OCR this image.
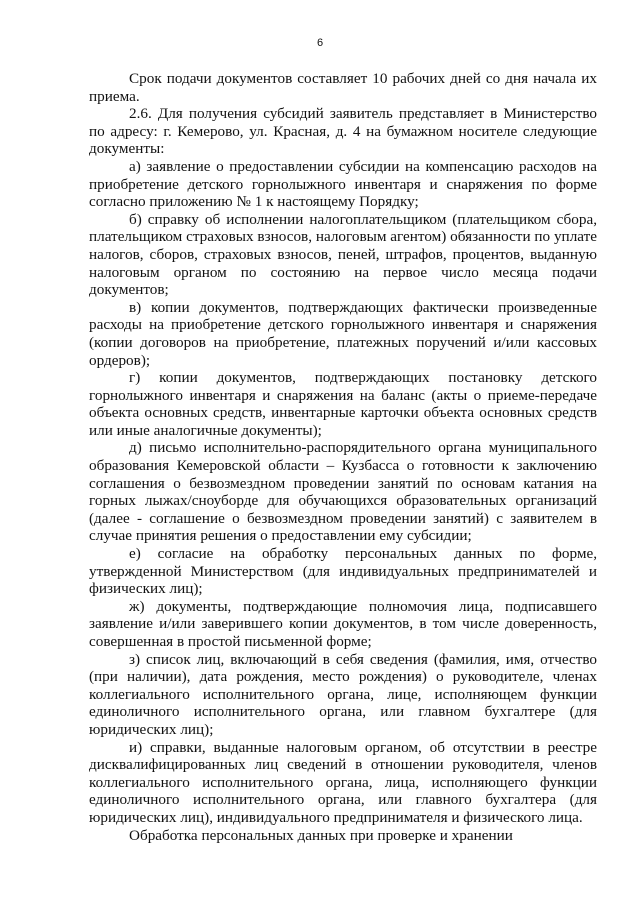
6

Срок подачи документов составляет 10 рабочих дней со дня начала их приема.

2.6. Для получения субсидий заявитель представляет в Министерство по адресу: г. Кемерово, ул. Красная, д. 4 на бумажном носителе следующие документы:

а) заявление о предоставлении субсидии на компенсацию расходов на приобретение детского горнолыжного инвентаря и снаряжения по форме согласно приложению № 1 к настоящему Порядку;

б) справку об исполнении налогоплательщиком (плательщиком сбора, плательщиком страховых взносов, налоговым агентом) обязанности по уплате налогов, сборов, страховых взносов, пеней, штрафов, процентов, выданную налоговым органом по состоянию на первое число месяца подачи документов;

в) копии документов, подтверждающих фактически произведенные расходы на приобретение детского горнолыжного инвентаря и снаряжения (копии договоров на приобретение, платежных поручений и/или кассовых ордеров);

г) копии документов, подтверждающих постановку детского горнолыжного инвентаря и снаряжения на баланс (акты о приеме-передаче объекта основных средств, инвентарные карточки объекта основных средств или иные аналогичные документы);

д) письмо исполнительно-распорядительного органа муниципального образования Кемеровской области – Кузбасса о готовности к заключению соглашения о безвозмездном проведении занятий по основам катания на горных лыжах/сноуборде для обучающихся образовательных организаций (далее - соглашение о безвозмездном проведении занятий) с заявителем в случае принятия решения о предоставлении ему субсидии;

е) согласие на обработку персональных данных по форме, утвержденной Министерством (для индивидуальных предпринимателей и физических лиц);

ж) документы, подтверждающие полномочия лица, подписавшего заявление и/или заверившего копии документов, в том числе доверенность, совершенная в простой письменной форме;

з) список лиц, включающий в себя сведения (фамилия, имя, отчество (при наличии), дата рождения, место рождения) о руководителе, членах коллегиального исполнительного органа, лице, исполняющем функции единоличного исполнительного органа, или главном бухгалтере (для юридических лиц);

и) справки, выданные налоговым органом, об отсутствии в реестре дисквалифицированных лиц сведений в отношении руководителя, членов коллегиального исполнительного органа, лица, исполняющего функции единоличного исполнительного органа, или главного бухгалтера (для юридических лиц), индивидуального предпринимателя и физического лица.

Обработка персональных данных при проверке и хранении
